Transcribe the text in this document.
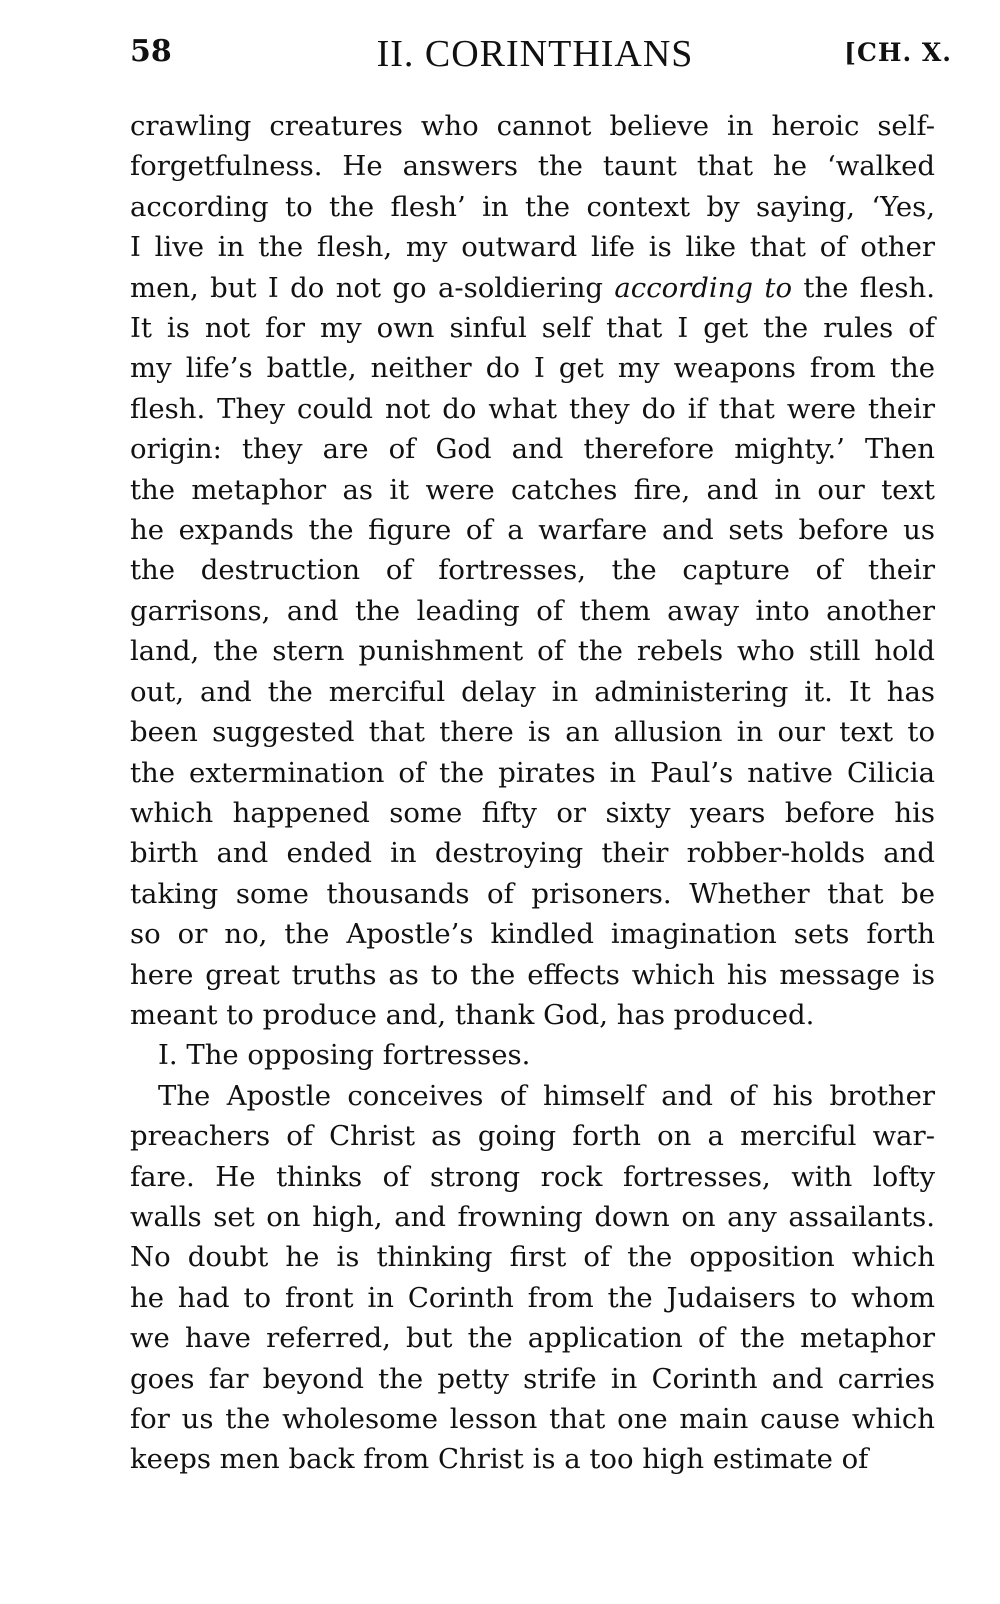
58	II. CORINTHIANS	[CH. X.
crawling creatures who cannot believe in heroic self-
forgetfulness. He answers the taunt that he ‘walked
according to the flesh’ in the context by saying, ‘Yes,
I live in the flesh, my outward life is like that of other
men, but I do not go a-soldiering according to the flesh.
It is not for my own sinful self that I get the rules of
my life’s battle, neither do I get my weapons from the
flesh. They could not do what they do if that were their
origin: they are of God and therefore mighty.’ Then
the metaphor as it were catches fire, and in our text
he expands the figure of a warfare and sets before us
the destruction of fortresses, the capture of their
garrisons, and the leading of them away into another
land, the stern punishment of the rebels who still hold
out, and the merciful delay in administering it. It has
been suggested that there is an allusion in our text to
the extermination of the pirates in Paul’s native Cilicia
which happened some fifty or sixty years before his
birth and ended in destroying their robber-holds and
taking some thousands of prisoners. Whether that be
so or no, the Apostle’s kindled imagination sets forth
here great truths as to the effects which his message is
meant to produce and, thank God, has produced.
I. The opposing fortresses.
The Apostle conceives of himself and of his brother
preachers of Christ as going forth on a merciful war-
fare. He thinks of strong rock fortresses, with lofty
walls set on high, and frowning down on any assailants.
No doubt he is thinking first of the opposition which
he had to front in Corinth from the Judaisers to whom
we have referred, but the application of the metaphor
goes far beyond the petty strife in Corinth and carries
for us the wholesome lesson that one main cause which
keeps men back from Christ is a too high estimate of
